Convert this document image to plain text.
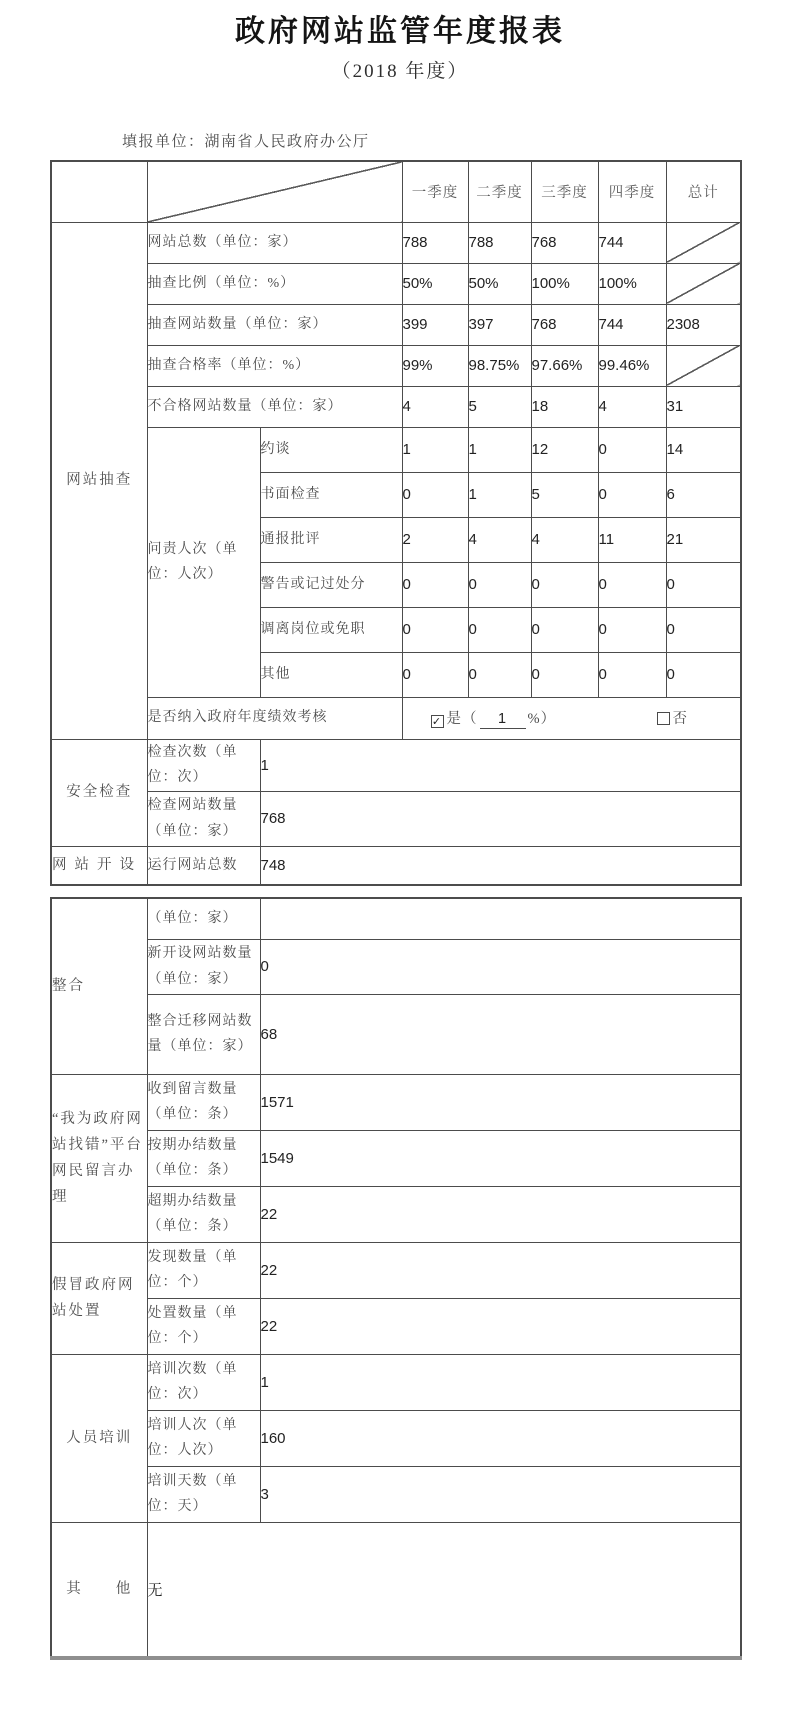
政府网站监管年度报表
（2018 年度）
填报单位：湖南省人民政府办公厅
			一季度	二季度	三季度	四季度	总计
网站抽查	网站总数（单位：家）		788	788	768	744	
	抽查比例（单位：%）		50%	50%	100%	100%	
	抽查网站数量（单位：家）		399	397	768	744	2308
	抽查合格率（单位：%）		99%	98.75%	97.66%	99.46%	
	不合格网站数量（单位：家）		4	5	18	4	31
	问责人次（单位：人次）	约谈	1	1	12	0	14
		书面检查	0	1	5	0	6
		通报批评	2	4	4	11	21
		警告或记过处分	0	0	0	0	0
		调离岗位或免职	0	0	0	0	0
		其他	0	0	0	0	0
	是否纳入政府年度绩效考核		✓ 是（ 1 %） 否				

安全检查	检查次数（单位：次）	1					
	检查网站数量（单位：家）	768					
网站开设	运行网站总数	748					
整合	（单位：家）	
	新开设网站数量（单位：家）	0
	整合迁移网站数量（单位：家）	68
“我为政府网站找错”平台网民留言办理	收到留言数量（单位：条）	1571
	按期办结数量（单位：条）	1549
	超期办结数量（单位：条）	22
假冒政府网站处置	发现数量（单位：个）	22
	处置数量（单位：个）	22
人员培训	培训次数（单位：次）	1
	培训人次（单位：人次）	160
	培训天数（单位：天）	3
其　　他	无	
